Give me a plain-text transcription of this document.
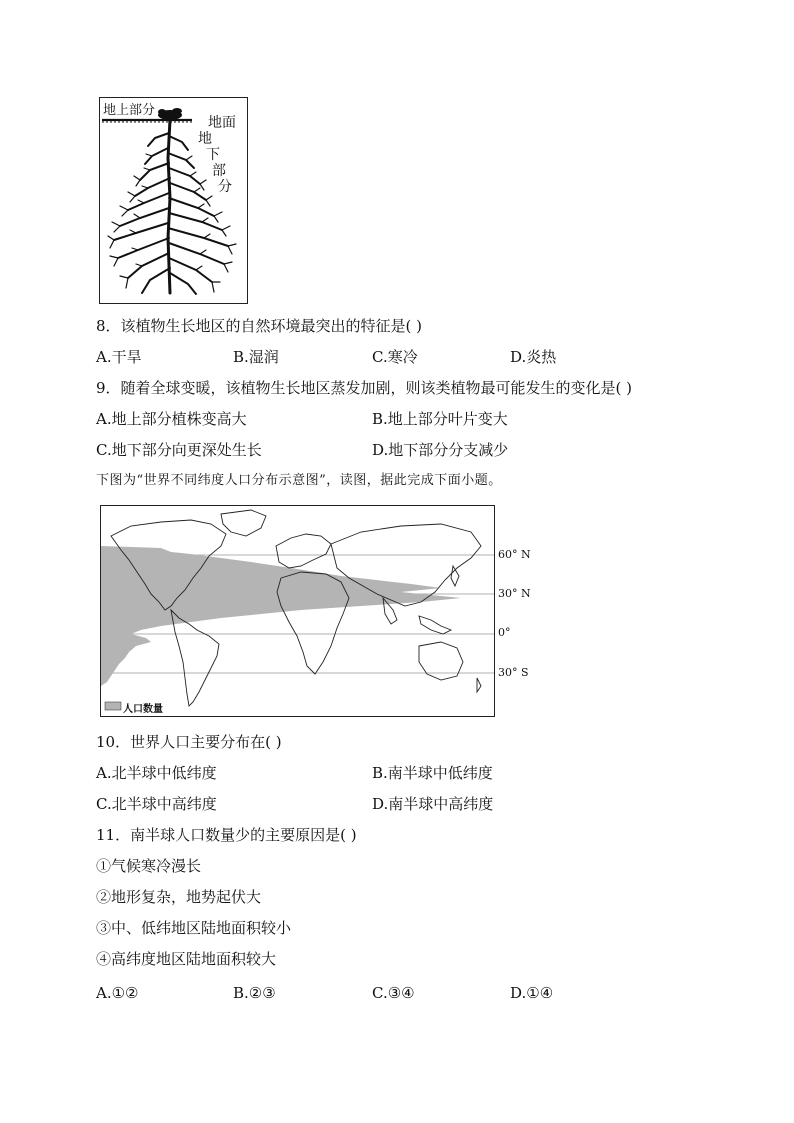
地上部分
地面
地
下
部
分
8．该植物生长地区的自然环境最突出的特征是( )
A.干旱	B.湿润	C.寒冷	D.炎热
9．随着全球变暖，该植物生长地区蒸发加剧，则该类植物最可能发生的变化是( )
A.地上部分植株变高大	B.地上部分叶片变大
C.地下部分向更深处生长	D.地下部分分支减少
下图为“世界不同纬度人口分布示意图”，读图，据此完成下面小题。
人口数量
60° N
30° N
0°
30° S
10．世界人口主要分布在( )
A.北半球中低纬度	B.南半球中低纬度
C.北半球中高纬度	D.南半球中高纬度
11．南半球人口数量少的主要原因是( )
①气候寒冷漫长
②地形复杂，地势起伏大
③中、低纬地区陆地面积较小
④高纬度地区陆地面积较大
A.①②	B.②③	C.③④	D.①④
